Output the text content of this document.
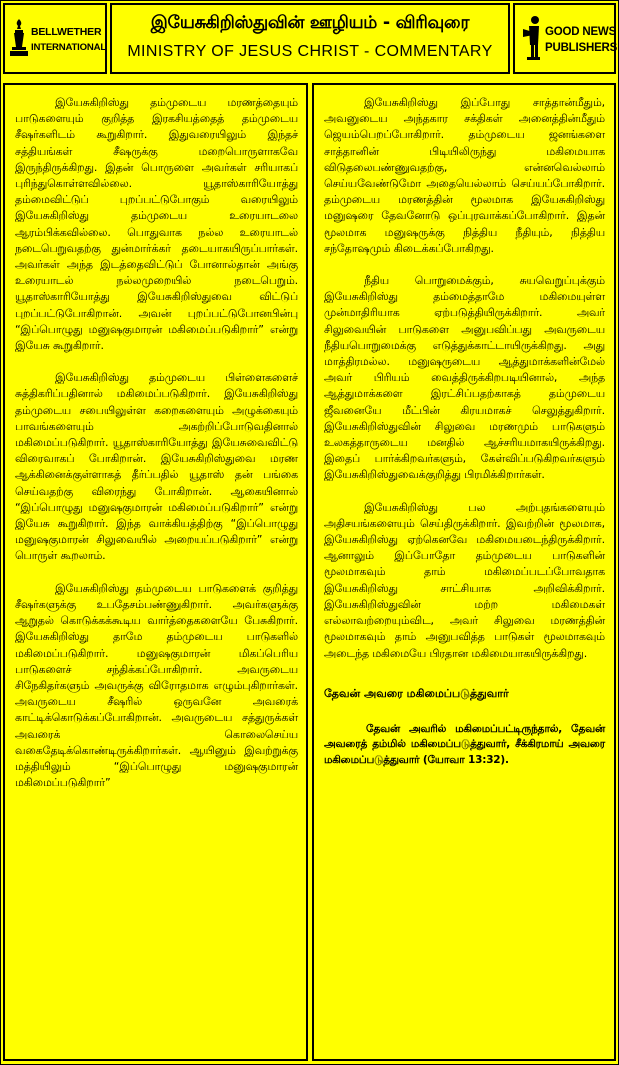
BELLWETHER
INTERNATIONAL
இயேசுகிறிஸ்துவின் ஊழியம் - விரிவுரை
MINISTRY OF JESUS CHRIST - COMMENTARY
GOOD NEWS
PUBLISHERS

இயேசுகிறிஸ்து தம்முடைய மரணத்தையும் பாடுகளையும் குறித்த இரகசியத்தைத் தம்முடைய சீஷர்களிடம் கூறுகிறார். இதுவரையிலும் இந்தச் சத்தியங்கள் சீஷருக்கு மறைபொருளாகவே இருந்திருக்கிறது. இதன் பொருளை அவர்கள் சரியாகப் புரிந்துகொள்ளவில்லை. யூதாஸ்காரியோத்து தம்மைவிட்டுப் புறப்பட்டுபோகும் வரையிலும் இயேசுகிறிஸ்து தம்முடைய உரையாடலை ஆரம்பிக்கவில்லை. பொதுவாக நல்ல உரையாடல் நடைபெறுவதற்கு துன்மார்க்கர் தடையாகயிருப்பார்கள். அவர்கள் அந்த இடத்தைவிட்டுப் போனால்தான் அங்கு உரையாடல் நல்லமுறையில் நடைபெறும். யூதாஸ்காரியோத்து இயேசுகிறிஸ்துவை விட்டுப் புறப்பட்டுபோகிறான். அவன் புறப்பட்டுபோனபின்பு “இப்பொழுது மனுஷகுமாரன் மகிமைப்படுகிறார்” என்று இயேசு கூறுகிறார்.

இயேசுகிறிஸ்து தம்முடைய பிள்ளைகளைச் சுத்திகரிப்பதினால் மகிமைப்படுகிறார். இயேசுகிறிஸ்து தம்முடைய சபையிலுள்ள கறைகளையும் அழுக்கையும் பாவங்களையும் அகற்றிப்போடுவதினால் மகிமைப்படுகிறார். யூதாஸ்காரியோத்து இயேசுவைவிட்டு விரைவாகப் போகிறான். இயேசுகிறிஸ்துவை மரண ஆக்கினைக்குள்ளாகத் தீர்ப்பதில் யூதாஸ் தன் பங்கை செய்வதற்கு விரைந்து போகிறான். ஆகையினால் “இப்பொழுது மனுஷகுமாரன் மகிமைப்படுகிறார்” என்று இயேசு கூறுகிறார். இந்த வாக்கியத்திற்கு “இப்பொழுது மனுஷகுமாரன் சிலுவையில் அறையப்படுகிறார்” என்று பொருள் கூறலாம்.

இயேசுகிறிஸ்து தம்முடைய பாடுகளைக் குறித்து சீஷர்களுக்கு உபதேசம்பண்ணுகிறார். அவர்களுக்கு ஆறுதல் கொடுக்கக்கூடிய வார்த்தைகளையே பேசுகிறார். இயேசுகிறிஸ்து தாமே தம்முடைய பாடுகளில் மகிமைப்படுகிறார். மனுஷகுமாரன் மிகப்பெரிய பாடுகளைச் சந்திக்கப்போகிறார். அவருடைய சிநேகிதர்களும் அவருக்கு விரோதமாக எழும்புகிறார்கள். அவருடைய சீஷரில் ஒருவனே அவரைக் காட்டிக்கொடுக்கப்போகிறான். அவருடைய சத்துருக்கள் அவரைக் கொலைசெய்ய வகைதேடிக்கொண்டிருக்கிறார்கள். ஆயினும் இவற்றுக்கு மத்தியிலும் “இப்பொழுது மனுஷகுமாரன் மகிமைப்படுகிறார்”

இயேசுகிறிஸ்து இப்போது சாத்தான்மீதும், அவனுடைய அந்தகார சக்திகள் அனைத்தின்மீதும் ஜெயம்பெறப்போகிறார். தம்முடைய ஜனங்களை சாத்தானின் பிடியிலிருந்து மகிமையாக விடுதலைபண்ணுவதற்கு, என்னவெல்லாம் செய்யவேண்டுமோ அதையெல்லாம் செய்யப்போகிறார். தம்முடைய மரணத்தின் மூலமாக இயேசுகிறிஸ்து மனுஷரை தேவனோடு ஒப்புரவாக்கப்போகிறார். இதன் மூலமாக மனுஷருக்கு நித்திய நீதியும், நித்திய சந்தோஷமும் கிடைக்கப்போகிறது.

நீதிய பொறுமைக்கும், சுயவெறுப்புக்கும் இயேசுகிறிஸ்து தம்மைத்தாமே மகிமையுள்ள முன்மாதிரியாக ஏற்படுத்தியிருக்கிறார். அவர் சிலுவையின் பாடுகளை அனுபவிப்பது அவருடைய நீதியபொறுமைக்கு எடுத்துக்காட்டாயிருக்கிறது. அது மாத்திரமல்ல. மனுஷருடைய ஆத்துமாக்களின்மேல் அவர் பிரியம் வைத்திருக்கிறபடியினால், அந்த ஆத்துமாக்களை இரட்சிப்பதற்காகத் தம்முடைய ஜீவனையே மீட்பின் கிரயமாகச் செலுத்துகிறார். இயேசுகிறிஸ்துவின் சிலுவை மரணமும் பாடுகளும் உலகத்தாருடைய மனதில் ஆச்சரியமாகயிருக்கிறது. இதைப் பார்க்கிறவர்களும், கேள்விப்படுகிறவர்களும் இயேசுகிறிஸ்துவைக்குறித்து பிரமிக்கிறார்கள்.

இயேசுகிறிஸ்து பல அற்புதங்களையும் அதிசயங்களையும் செய்திருக்கிறார். இவற்றின் மூலமாக, இயேசுகிறிஸ்து ஏற்கெனவே மகிமையடைந்திருக்கிறார். ஆனாலும் இப்போதோ தம்முடைய பாடுகளின் மூலமாகவும் தாம் மகிமைப்படப்போவதாக இயேசுகிறிஸ்து சாட்சியாக அறிவிக்கிறார். இயேசுகிறிஸ்துவின் மற்ற மகிமைகள் எல்லாவற்றையும்விட, அவர் சிலுவை மரணத்தின் மூலமாகவும் தாம் அனுபவித்த பாடுகள் மூலமாகவும் அடைந்த மகிமையே பிரதான மகிமையாகயிருக்கிறது.

தேவன் அவரை மகிமைப்படுத்துவார்

தேவன் அவரில் மகிமைப்பட்டிருந்தால், தேவன் அவரைத் தம்மில் மகிமைப்படுத்துவார், சீக்கிரமாய் அவரை மகிமைப்படுத்துவார் (யோவா 13:32).
